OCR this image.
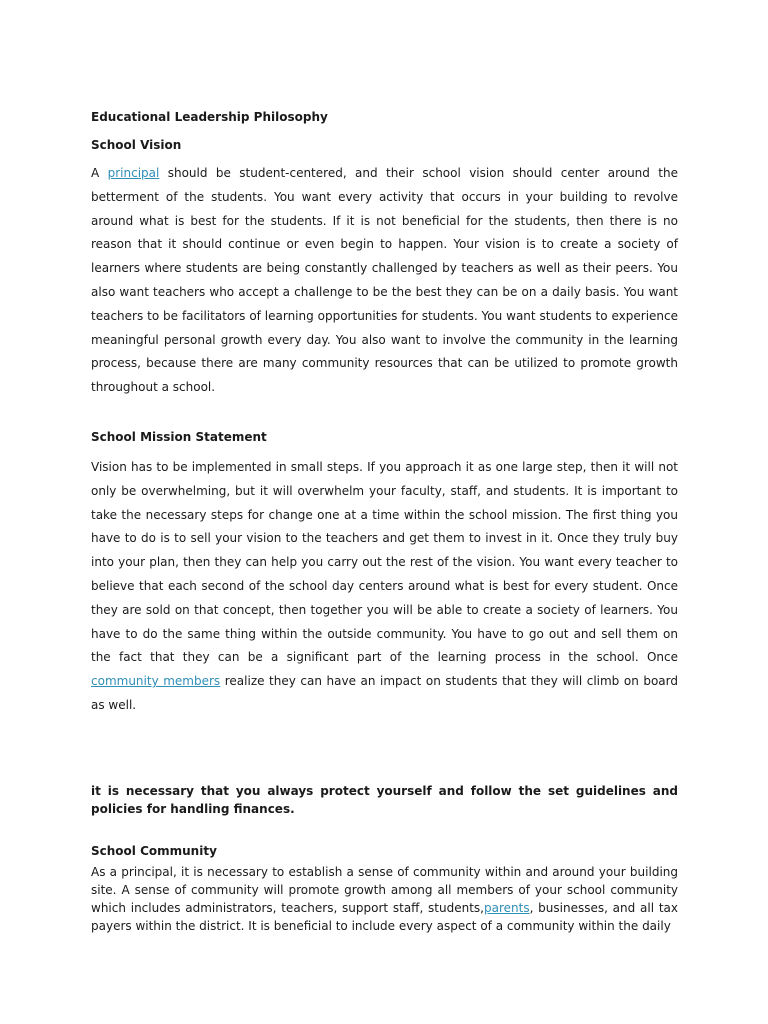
Educational Leadership Philosophy
School Vision

A principal should be student-centered, and their school vision should center around the betterment of the students. You want every activity that occurs in your building to revolve around what is best for the students. If it is not beneficial for the students, then there is no reason that it should continue or even begin to happen. Your vision is to create a society of learners where students are being constantly challenged by teachers as well as their peers. You also want teachers who accept a challenge to be the best they can be on a daily basis. You want teachers to be facilitators of learning opportunities for students. You want students to experience meaningful personal growth every day. You also want to involve the community in the learning process, because there are many community resources that can be utilized to promote growth throughout a school.

School Mission Statement

Vision has to be implemented in small steps. If you approach it as one large step, then it will not only be overwhelming, but it will overwhelm your faculty, staff, and students. It is important to take the necessary steps for change one at a time within the school mission. The first thing you have to do is to sell your vision to the teachers and get them to invest in it. Once they truly buy into your plan, then they can help you carry out the rest of the vision. You want every teacher to believe that each second of the school day centers around what is best for every student. Once they are sold on that concept, then together you will be able to create a society of learners. You have to do the same thing within the outside community. You have to go out and sell them on the fact that they can be a significant part of the learning process in the school. Once community members realize they can have an impact on students that they will climb on board as well.

it is necessary that you always protect yourself and follow the set guidelines and policies for handling finances.

School Community

As a principal, it is necessary to establish a sense of community within and around your building site. A sense of community will promote growth among all members of your school community which includes administrators, teachers, support staff, students,parents, businesses, and all tax payers within the district. It is beneficial to include every aspect of a community within the daily
